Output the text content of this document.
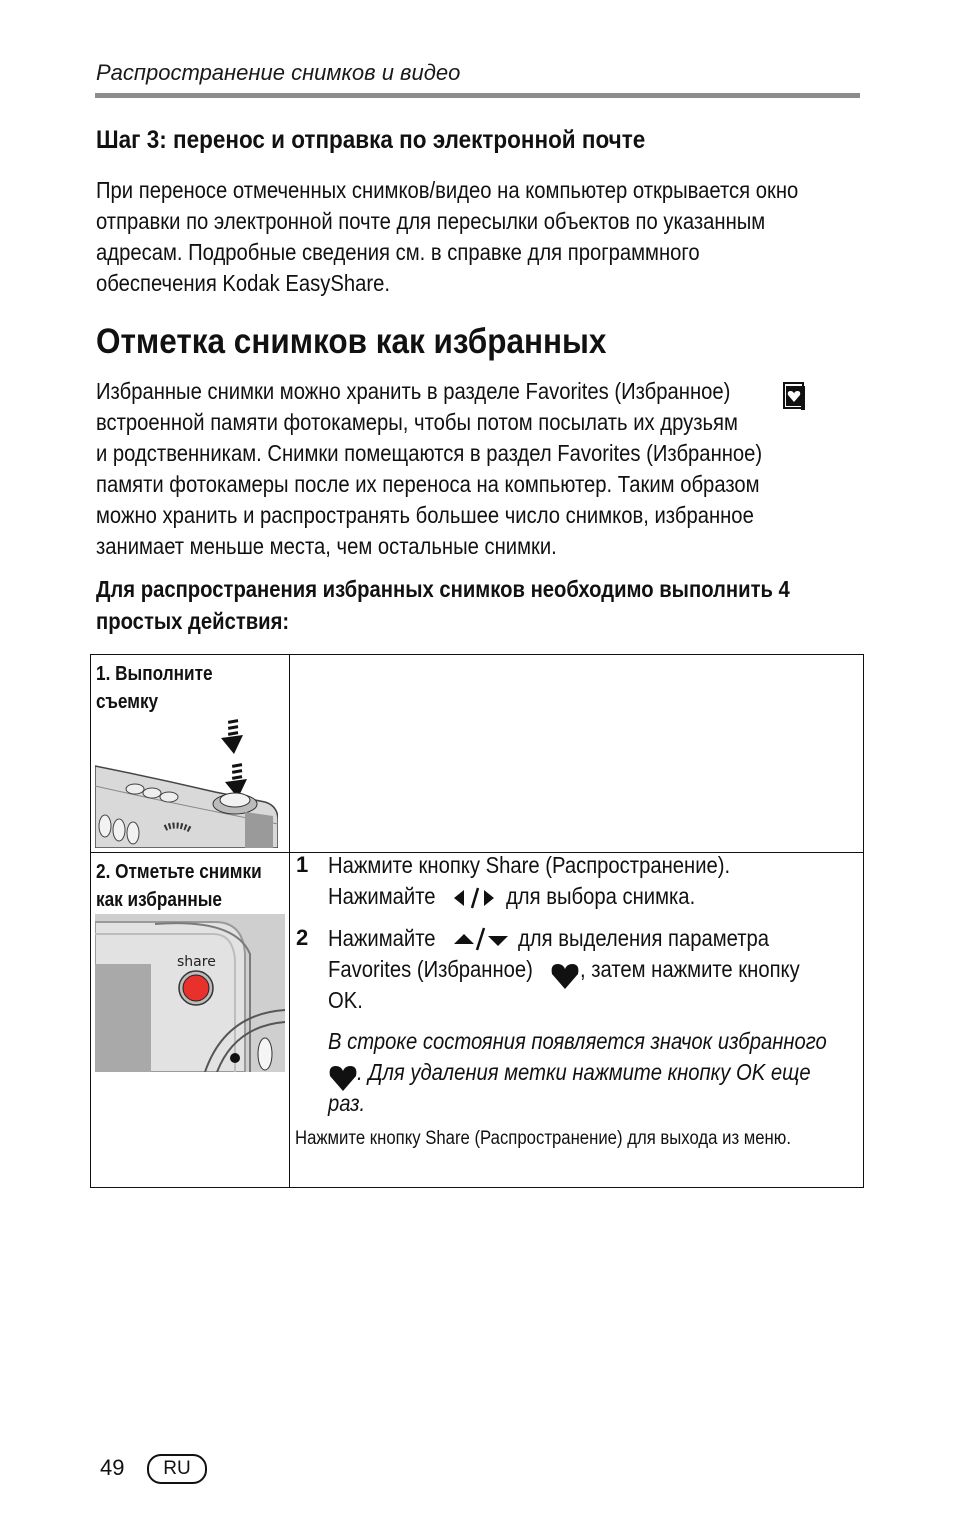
Распространение снимков и видео
Шаг 3: перенос и отправка по электронной почте
При переносе отмеченных снимков/видео на компьютер открывается окно
отправки по электронной почте для пересылки объектов по указанным
адресам. Подробные сведения см. в справке для программного
обеспечения Kodak EasyShare.
Отметка снимков как избранных
Избранные снимки можно хранить в разделе Favorites (Избранное)
встроенной памяти фотокамеры, чтобы потом посылать их друзьям
и родственникам. Снимки помещаются в раздел Favorites (Избранное)
памяти фотокамеры после их переноса на компьютер. Таким образом
можно хранить и распространять большее число снимков, избранное
занимает меньше места, чем остальные снимки.
Для распространения избранных снимков необходимо выполнить 4
простых действия:
1. Выполните
съемку
2. Отметьте снимки
как избранные
share
1 Нажмите кнопку Share (Распространение).
Нажимайте	для выбора снимка.
2 Нажимайте	для выделения параметра
Favorites (Избранное) , затем нажмите кнопку
OK.
В строке состояния появляется значок избранного
. Для удаления метки нажмите кнопку OK еще
раз.
Нажмите кнопку Share (Распространение) для выхода из меню.
49	RU
